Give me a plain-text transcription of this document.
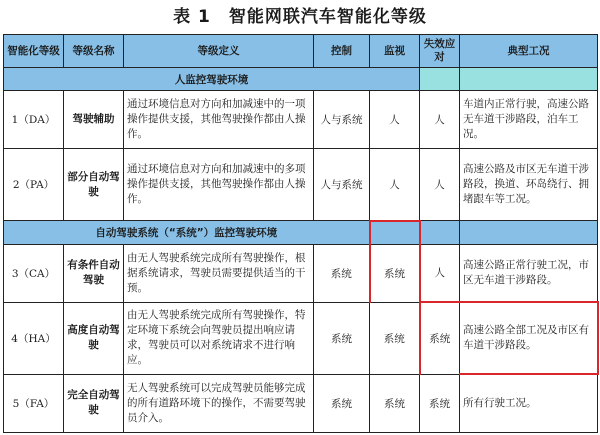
表 1　智能网联汽车智能化等级
智能化等级	等级名称	等级定义	控制	监视	失效应对	典型工况
人监控驾驶环境						
1（DA）	驾驶辅助	通过环境信息对方向和加减速中的一项操作提供支援，其他驾驶操作都由人操作。	人与系统	人	人	车道内正常行驶，高速公路无车道干涉路段，泊车工况。
2（PA）	部分自动驾驶	通过环境信息对方向和加减速中的多项操作提供支援，其他驾驶操作都由人操作。	人与系统	人	人	高速公路及市区无车道干涉路段，换道、环岛绕行、拥堵跟车等工况。
自动驾驶系统（“系统”）监控驾驶环境						
3（CA）	有条件自动驾驶	由无人驾驶系统完成所有驾驶操作，根据系统请求，驾驶员需要提供适当的干预。	系统	系统	人	高速公路正常行驶工况，市区无车道干涉路段。
4（HA）	高度自动驾驶	由无人驾驶系统完成所有驾驶操作，特定环境下系统会向驾驶员提出响应请求，驾驶员可以对系统请求不进行响应。	系统	系统	系统	高速公路全部工况及市区有车道干涉路段。
5（FA）	完全自动驾驶	无人驾驶系统可以完成驾驶员能够完成的所有道路环境下的操作，不需要驾驶员介入。	系统	系统	系统	所有行驶工况。
